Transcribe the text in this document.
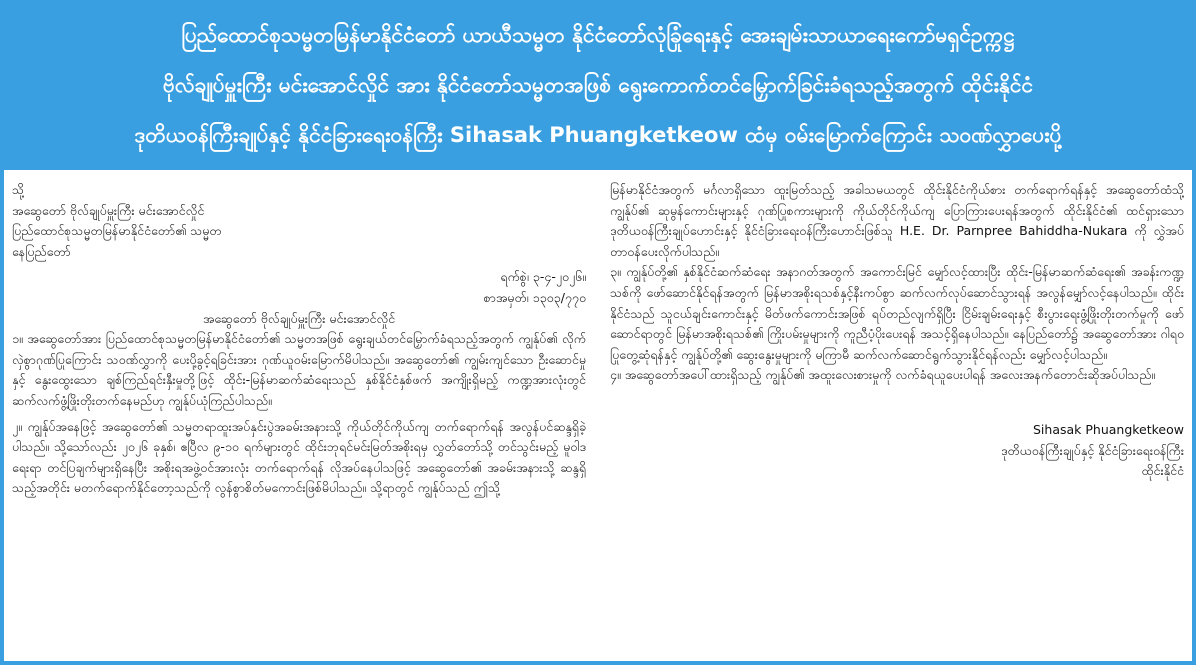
ပြည်ထောင်စုသမ္မတမြန်မာနိုင်ငံတော် ယာယီသမ္မတ နိုင်ငံတော်လုံခြုံရေးနှင့် အေးချမ်းသာယာရေးကော်မရှင်ဥက္ကဋ္ဌ
ဗိုလ်ချုပ်မှူးကြီး မင်းအောင်လှိုင် အား နိုင်ငံတော်သမ္မတအဖြစ် ရွေးကောက်တင်မြှောက်ခြင်းခံရသည့်အတွက် ထိုင်းနိုင်ငံ
ဒုတိယဝန်ကြီးချုပ်နှင့် နိုင်ငံခြားရေးဝန်ကြီး Sihasak Phuangketkeow ထံမှ ဝမ်းမြောက်ကြောင်း သဝဏ်လွှာပေးပို့

သို့

အဆွေတော် ဗိုလ်ချုပ်မှူးကြီး မင်းအောင်လှိုင်

ပြည်ထောင်စုသမ္မတမြန်မာနိုင်ငံတော်၏ သမ္မတ

နေပြည်တော်

ရက်စွဲ၊ ၃-၄-၂၀၂၆။

စာအမှတ်၊ ၁၃၀၃/၇၇၀

အဆွေတော် ဗိုလ်ချုပ်မှူးကြီး မင်းအောင်လှိုင်

၁။ အဆွေတော်အား ပြည်ထောင်စုသမ္မတမြန်မာနိုင်ငံတော်၏ သမ္မတအဖြစ် ရွေးချယ်တင်မြှောက်ခံရသည့်အတွက် ကျွန်ုပ်၏ လိုက်လှဲစွာဂုဏ်ပြုကြောင်း သဝဏ်လွှာကို ပေးပို့ခွင့်ရခြင်းအား ဂုဏ်ယူဝမ်းမြောက်မိပါသည်။ အဆွေတော်၏ ကျွမ်းကျင်သော ဦးဆောင်မှုနှင့် နွေးထွေးသော ချစ်ကြည်ရင်းနှီးမှုတို့ဖြင့် ထိုင်း-မြန်မာဆက်ဆံရေးသည် နှစ်နိုင်ငံနှစ်ဖက် အကျိုးရှိမည့် ကဏ္ဍအားလုံးတွင် ဆက်လက်ဖွံ့ဖြိုးတိုးတက်နေမည်ဟု ကျွန်ုပ်ယုံကြည်ပါသည်။

၂။ ကျွန်ုပ်အနေဖြင့် အဆွေတော်၏ သမ္မတရာထူးအပ်နှင်းပွဲအခမ်းအနားသို့ ကိုယ်တိုင်ကိုယ်ကျ တက်ရောက်ရန် အလွန်ပင်ဆန္ဒရှိခဲ့ပါသည်။ သို့သော်လည်း ၂၀၂၆ ခုနှစ်၊ ဧပြီလ ၉-၁၀ ရက်များတွင် ထိုင်းဘုရင်မင်းမြတ်အစိုးရမှ လွှတ်တော်သို့ တင်သွင်းမည့် မူဝါဒရေးရာ တင်ပြချက်များရှိနေပြီး အစိုးရအဖွဲ့ဝင်အားလုံး တက်ရောက်ရန် လိုအပ်နေပါသဖြင့် အဆွေတော်၏ အခမ်းအနားသို့ ဆန္ဒရှိသည့်အတိုင်း မတက်ရောက်နိုင်တော့သည်ကို လွန်စွာစိတ်မကောင်းဖြစ်မိပါသည်။ သို့ရာတွင် ကျွန်ုပ်သည် ဤသို့

မြန်မာနိုင်ငံအတွက် မင်္ဂလာရှိသော ထူးမြတ်သည့် အခါသမယတွင် ထိုင်းနိုင်ငံကိုယ်စား တက်ရောက်ရန်နှင့် အဆွေတော်ထံသို့ ကျွန်ုပ်၏ ဆုမွန်ကောင်းများနှင့် ဂုဏ်ပြုစကားများကို ကိုယ်တိုင်ကိုယ်ကျ ပြောကြားပေးရန်အတွက် ထိုင်းနိုင်ငံ၏ ထင်ရှားသော ဒုတိယဝန်ကြီးချုပ်ဟောင်းနှင့် နိုင်ငံခြားရေးဝန်ကြီးဟောင်းဖြစ်သူ H.E. Dr. Parnpree Bahiddha-Nukara ကို လွှဲအပ်တာဝန်ပေးလိုက်ပါသည်။

၃။ ကျွန်ုပ်တို့၏ နှစ်နိုင်ငံဆက်ဆံရေး အနာဂတ်အတွက် အကောင်းမြင် မျှော်လင့်ထားပြီး ထိုင်း-မြန်မာဆက်ဆံရေး၏ အခန်းကဏ္ဍသစ်ကို ဖော်ဆောင်နိုင်ရန်အတွက် မြန်မာအစိုးရသစ်နှင့်နီးကပ်စွာ ဆက်လက်လုပ်ဆောင်သွားရန် အလွန်မျှော်လင့်နေပါသည်။ ထိုင်းနိုင်ငံသည် သူငယ်ချင်းကောင်းနှင့် မိတ်ဖက်ကောင်းအဖြစ် ရပ်တည်လျက်ရှိပြီး ငြိမ်းချမ်းရေးနှင့် စီးပွားရေးဖွံ့ဖြိုးတိုးတက်မှုကို ဖော်ဆောင်ရာတွင် မြန်မာအစိုးရသစ်၏ ကြိုးပမ်းမှုများကို ကူညီပံ့ပိုးပေးရန် အသင့်ရှိနေပါသည်။ နေပြည်တော်၌ အဆွေတော်အား ဂါရဝပြုတွေ့ဆုံရန်နှင့် ကျွန်ုပ်တို့၏ ဆွေးနွေးမှုများကို မကြာမီ ဆက်လက်ဆောင်ရွက်သွားနိုင်ရန်လည်း မျှော်လင့်ပါသည်။

၄။ အဆွေတော်အပေါ်ထားရှိသည့် ကျွန်ုပ်၏ အထူးလေးစားမှုကို လက်ခံရယူပေးပါရန် အလေးအနက်တောင်းဆိုအပ်ပါသည်။

Sihasak Phuangketkeow

ဒုတိယဝန်ကြီးချုပ်နှင့် နိုင်ငံခြားရေးဝန်ကြီး

ထိုင်းနိုင်ငံ
